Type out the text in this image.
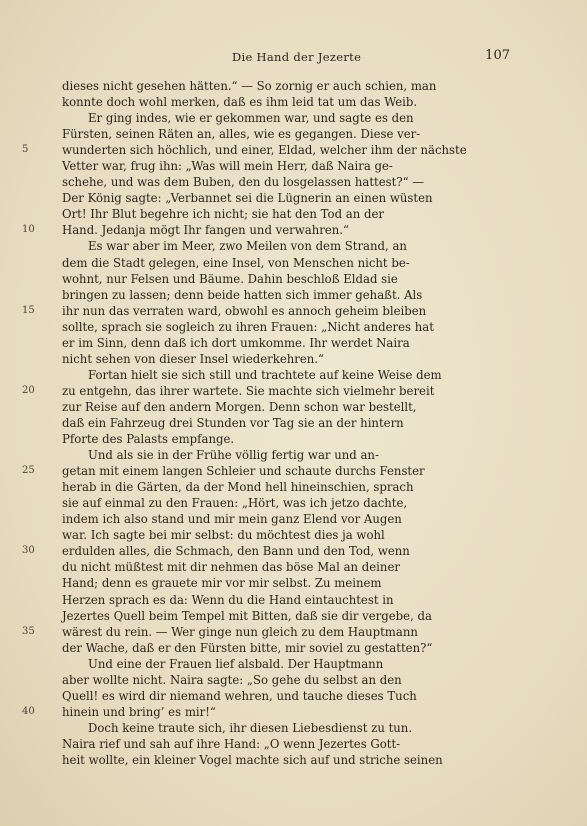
Die Hand der Jezerte	107
dieses nicht gesehen hätten.“ — So zornig er auch schien, man
konnte doch wohl merken, daß es ihm leid tat um das Weib.
Er ging indes, wie er gekommen war, und sagte es den
Fürsten, seinen Räten an, alles, wie es gegangen. Diese ver-
5	wunderten sich höchlich, und einer, Eldad, welcher ihm der nächste
Vetter war, frug ihn: „Was will mein Herr, daß Naira ge-
schehe, und was dem Buben, den du losgelassen hattest?“ —
Der König sagte: „Verbannet sei die Lügnerin an einen wüsten
Ort! Ihr Blut begehre ich nicht; sie hat den Tod an der
10	Hand. Jedanja mögt Ihr fangen und verwahren.“
Es war aber im Meer, zwo Meilen von dem Strand, an
dem die Stadt gelegen, eine Insel, von Menschen nicht be-
wohnt, nur Felsen und Bäume. Dahin beschloß Eldad sie
bringen zu lassen; denn beide hatten sich immer gehaßt. Als
15	ihr nun das verraten ward, obwohl es annoch geheim bleiben
sollte, sprach sie sogleich zu ihren Frauen: „Nicht anderes hat
er im Sinn, denn daß ich dort umkomme. Ihr werdet Naira
nicht sehen von dieser Insel wiederkehren.“
Fortan hielt sie sich still und trachtete auf keine Weise dem
20	zu entgehn, das ihrer wartete. Sie machte sich vielmehr bereit
zur Reise auf den andern Morgen. Denn schon war bestellt,
daß ein Fahrzeug drei Stunden vor Tag sie an der hintern
Pforte des Palasts empfange.
Und als sie in der Frühe völlig fertig war und an-
25	getan mit einem langen Schleier und schaute durchs Fenster
herab in die Gärten, da der Mond hell hineinschien, sprach
sie auf einmal zu den Frauen: „Hört, was ich jetzo dachte,
indem ich also stand und mir mein ganz Elend vor Augen
war. Ich sagte bei mir selbst: du möchtest dies ja wohl
30	erdulden alles, die Schmach, den Bann und den Tod, wenn
du nicht müßtest mit dir nehmen das böse Mal an deiner
Hand; denn es grauete mir vor mir selbst. Zu meinem
Herzen sprach es da: Wenn du die Hand eintauchtest in
Jezertes Quell beim Tempel mit Bitten, daß sie dir vergebe, da
35	wärest du rein. — Wer ginge nun gleich zu dem Hauptmann
der Wache, daß er den Fürsten bitte, mir soviel zu gestatten?“
Und eine der Frauen lief alsbald. Der Hauptmann
aber wollte nicht. Naira sagte: „So gehe du selbst an den
Quell! es wird dir niemand wehren, und tauche dieses Tuch
40	hinein und bring’ es mir!“
Doch keine traute sich, ihr diesen Liebesdienst zu tun.
Naira rief und sah auf ihre Hand: „O wenn Jezertes Gott-
heit wollte, ein kleiner Vogel machte sich auf und striche seinen
